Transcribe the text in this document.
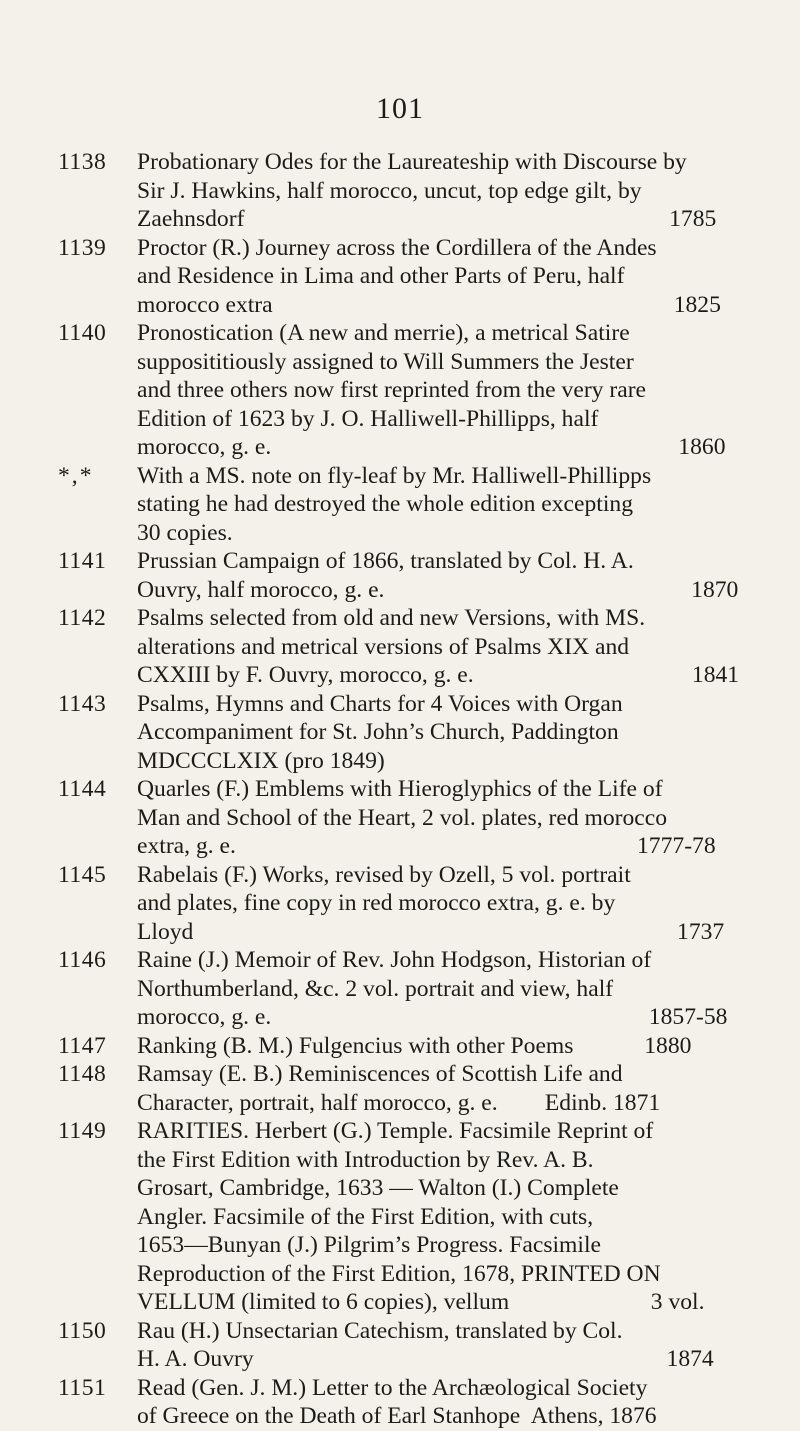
101
1138	Probationary Odes for the Laureateship with Discourse by
Sir J. Hawkins, half morocco, uncut, top edge gilt, by
Zaehnsdorf                                                                        1785
1139	Proctor (R.) Journey across the Cordillera of the Andes
and Residence in Lima and other Parts of Peru, half
morocco extra                                                                    1825
1140	Pronostication (A new and merrie), a metrical Satire
supposititiously assigned to Will Summers the Jester
and three others now first reprinted from the very rare
Edition of 1623 by J. O. Halliwell-Phillipps, half
morocco, g. e.                                                                     1860
*,*	With a MS. note on fly-leaf by Mr. Halliwell-Phillipps
stating he had destroyed the whole edition excepting
30 copies.
1141	Prussian Campaign of 1866, translated by Col. H. A.
Ouvry, half morocco, g. e.                                                    1870
1142	Psalms selected from old and new Versions, with MS.
alterations and metrical versions of Psalms XIX and
CXXIII by F. Ouvry, morocco, g. e.                                     1841
1143	Psalms, Hymns and Charts for 4 Voices with Organ
Accompaniment for St. John’s Church, Paddington
MDCCCLXIX (pro 1849)
1144	Quarles (F.) Emblems with Hieroglyphics of the Life of
Man and School of the Heart, 2 vol. plates, red morocco
extra, g. e.                                                                    1777-78
1145	Rabelais (F.) Works, revised by Ozell, 5 vol. portrait
and plates, fine copy in red morocco extra, g. e. by
Lloyd                                                                                  1737
1146	Raine (J.) Memoir of Rev. John Hodgson, Historian of
Northumberland, &c. 2 vol. portrait and view, half
morocco, g. e.                                                                1857-58
1147	Ranking (B. M.) Fulgencius with other Poems            1880
1148	Ramsay (E. B.) Reminiscences of Scottish Life and
Character, portrait, half morocco, g. e.        Edinb. 1871
1149	RARITIES. Herbert (G.) Temple. Facsimile Reprint of
the First Edition with Introduction by Rev. A. B.
Grosart, Cambridge, 1633 — Walton (I.) Complete
Angler. Facsimile of the First Edition, with cuts,
1653—Bunyan (J.) Pilgrim’s Progress. Facsimile
Reproduction of the First Edition, 1678, PRINTED ON
VELLUM (limited to 6 copies), vellum                        3 vol.
1150	Rau (H.) Unsectarian Catechism, translated by Col.
H. A. Ouvry                                                                      1874
1151	Read (Gen. J. M.) Letter to the Archæological Society
of Greece on the Death of Earl Stanhope  Athens, 1876
